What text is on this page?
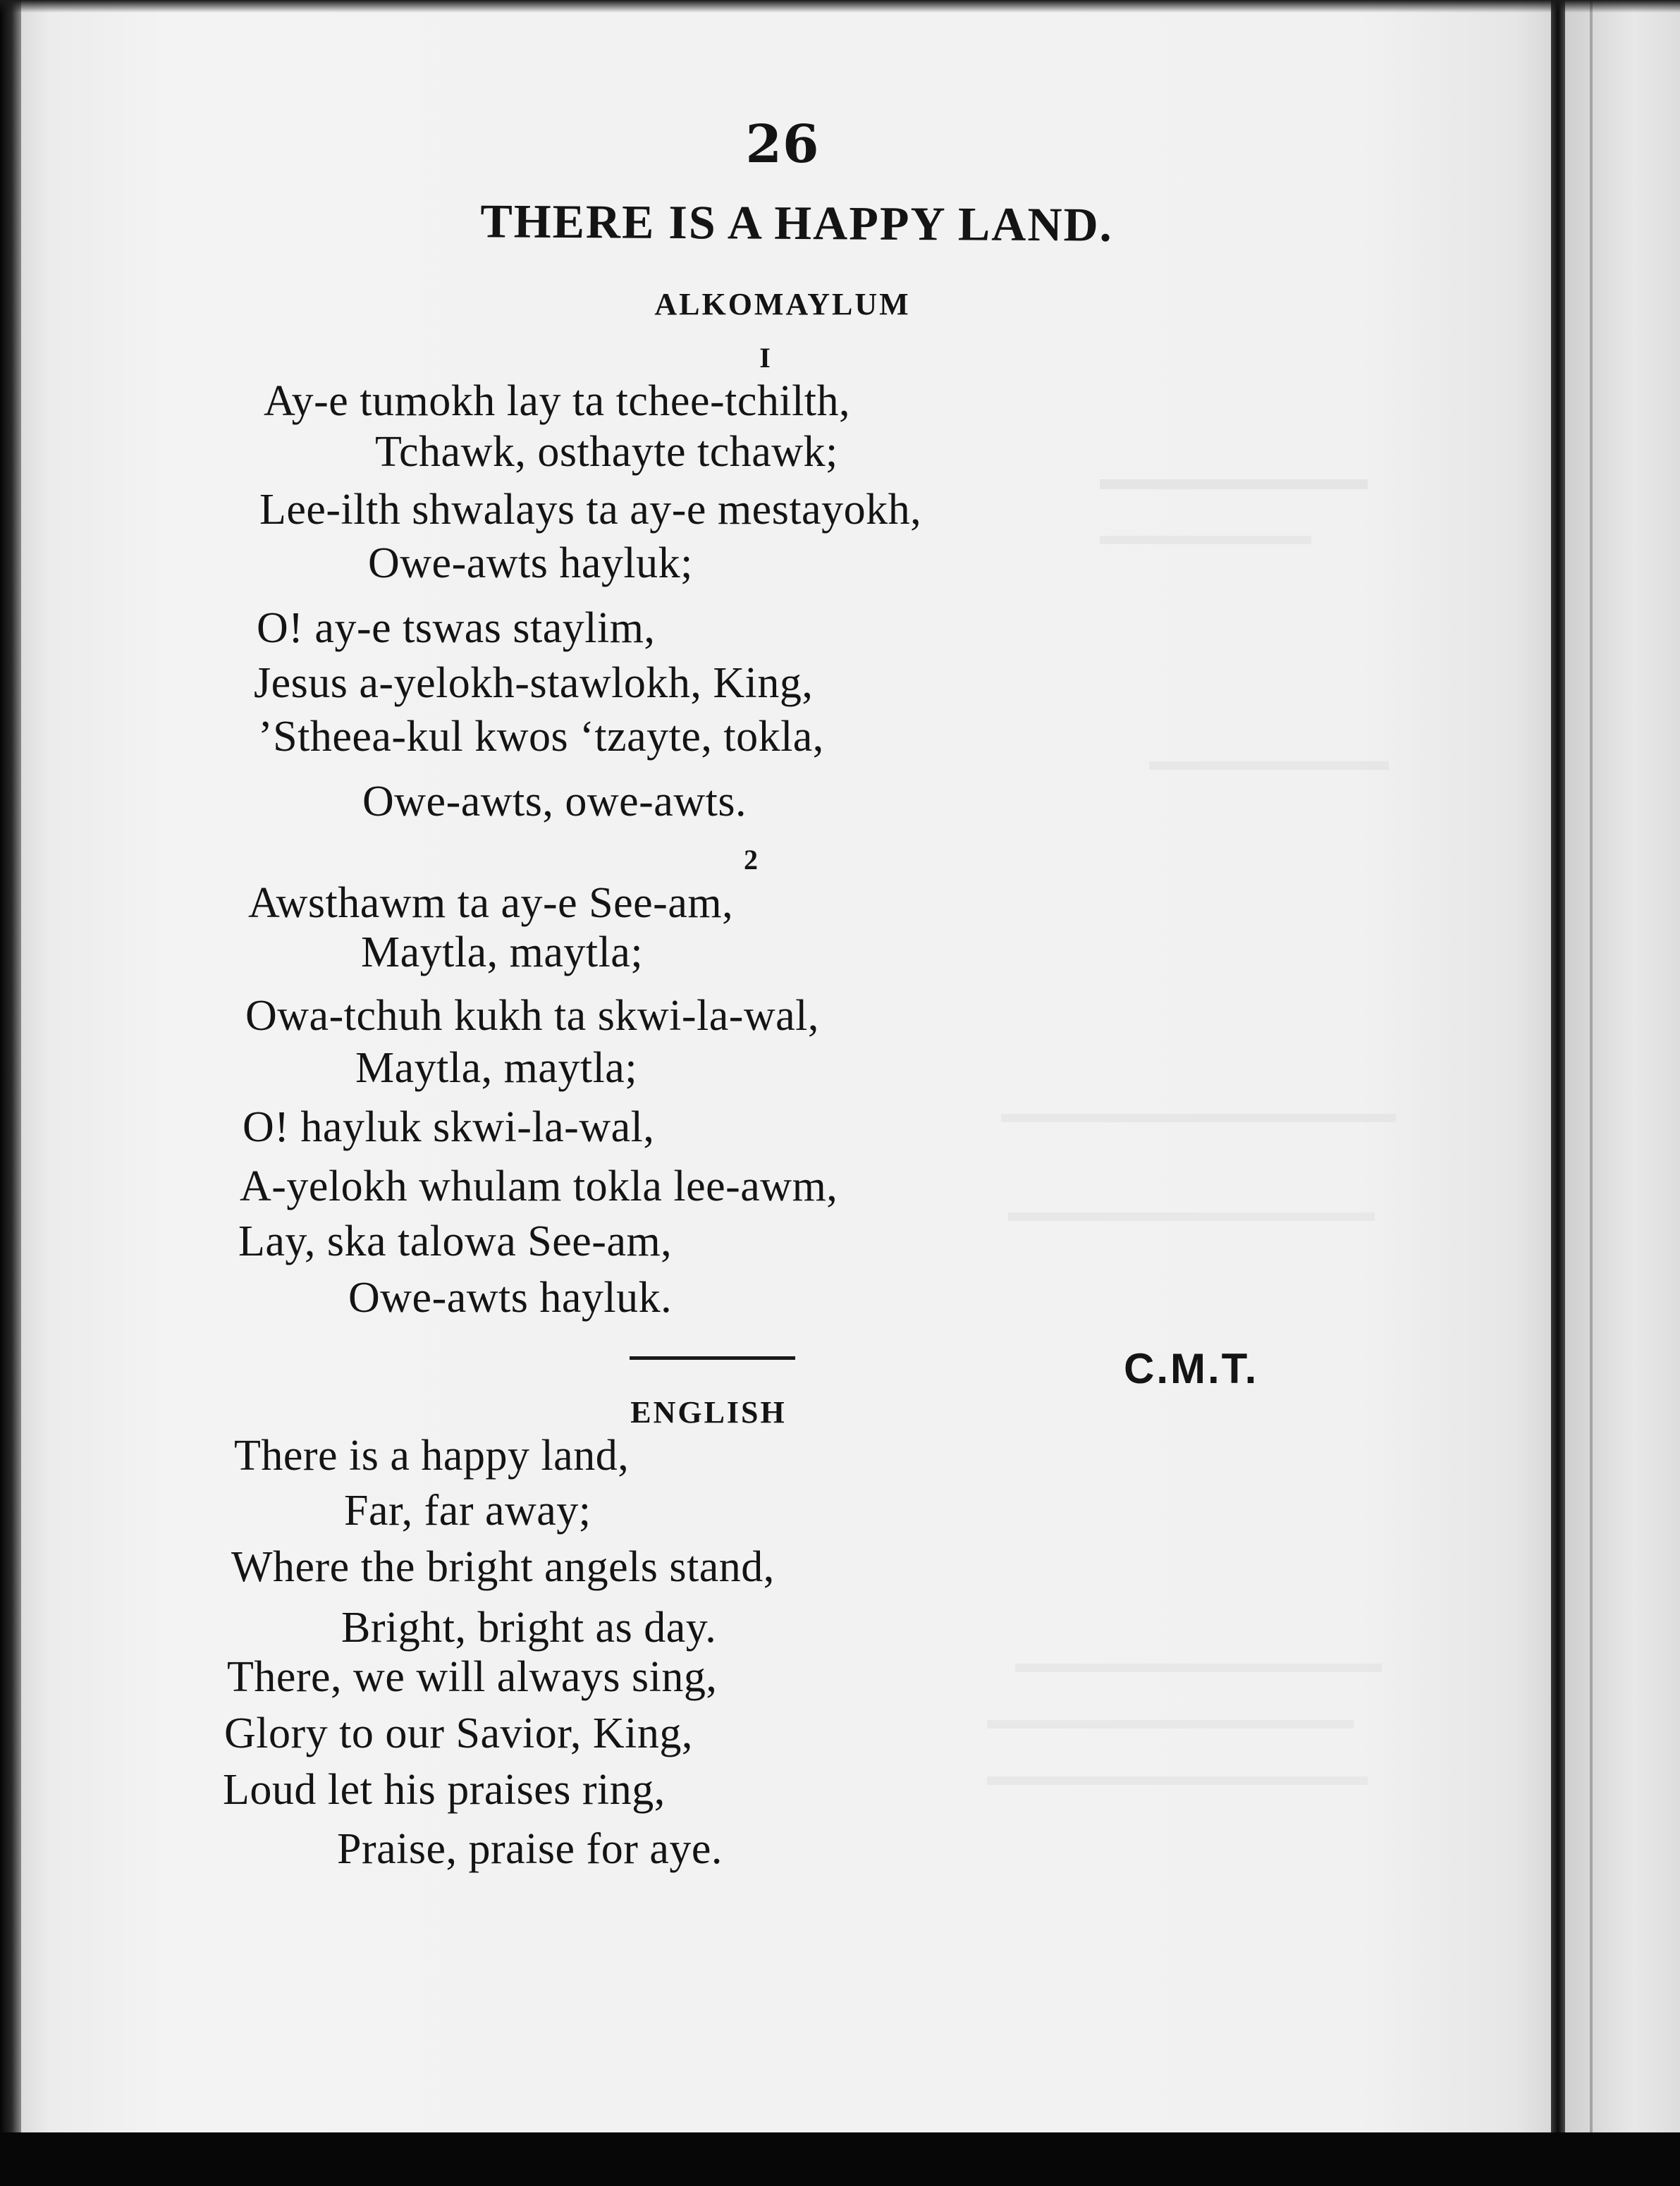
26
THERE IS A HAPPY LAND.
ALKOMAYLUM
I
Ay-e tumokh lay ta tchee-tchilth,
Tchawk, osthayte tchawk;
Lee-ilth shwalays ta ay-e mestayokh,
Owe-awts hayluk;
O! ay-e tswas staylim,
Jesus a-yelokh-stawlokh, King,
’Stheea-kul kwos ‘tzayte, tokla,
Owe-awts, owe-awts.
2
Awsthawm ta ay-e See-am,
Maytla, maytla;
Owa-tchuh kukh ta skwi-la-wal,
Maytla, maytla;
O! hayluk skwi-la-wal,
A-yelokh whulam tokla lee-awm,
Lay, ska talowa See-am,
Owe-awts hayluk.
C.M.T.
ENGLISH
There is a happy land,
Far, far away;
Where the bright angels stand,
Bright, bright as day.
There, we will always sing,
Glory to our Savior, King,
Loud let his praises ring,
Praise, praise for aye.
